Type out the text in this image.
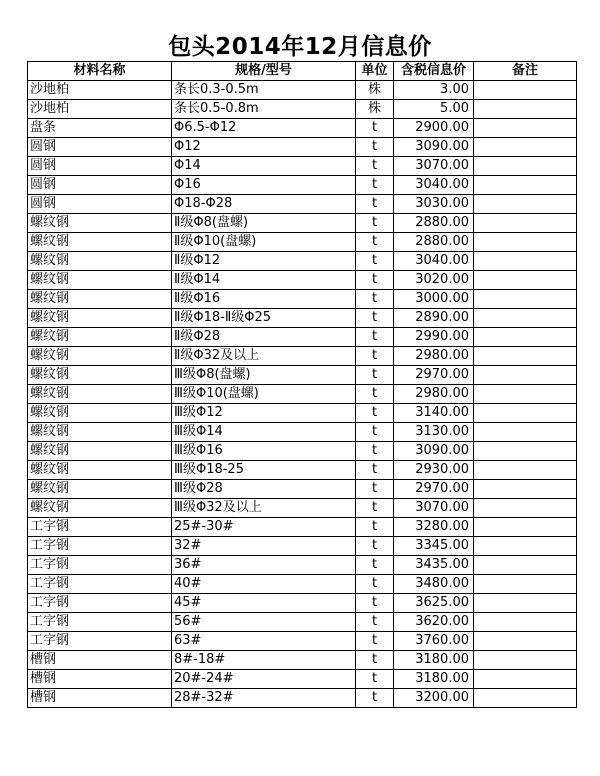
包头2014年12月信息价
材料名称	规格/型号	单位	含税信息价	备注
沙地柏	条长0.3-0.5m	株	3.00	
沙地柏	条长0.5-0.8m	株	5.00	
盘条	Φ6.5-Φ12	t	2900.00	
圆钢	Φ12	t	3090.00	
圆钢	Φ14	t	3070.00	
圆钢	Φ16	t	3040.00	
圆钢	Φ18-Φ28	t	3030.00	
螺纹钢	Ⅱ级Φ8(盘螺)	t	2880.00	
螺纹钢	Ⅱ级Φ10(盘螺)	t	2880.00	
螺纹钢	Ⅱ级Φ12	t	3040.00	
螺纹钢	Ⅱ级Φ14	t	3020.00	
螺纹钢	Ⅱ级Φ16	t	3000.00	
螺纹钢	Ⅱ级Φ18-Ⅱ级Φ25	t	2890.00	
螺纹钢	Ⅱ级Φ28	t	2990.00	
螺纹钢	Ⅱ级Φ32及以上	t	2980.00	
螺纹钢	Ⅲ级Φ8(盘螺)	t	2970.00	
螺纹钢	Ⅲ级Φ10(盘螺)	t	2980.00	
螺纹钢	Ⅲ级Φ12	t	3140.00	
螺纹钢	Ⅲ级Φ14	t	3130.00	
螺纹钢	Ⅲ级Φ16	t	3090.00	
螺纹钢	Ⅲ级Φ18-25	t	2930.00	
螺纹钢	Ⅲ级Φ28	t	2970.00	
螺纹钢	Ⅲ级Φ32及以上	t	3070.00	
工字钢	25#-30#	t	3280.00	
工字钢	32#	t	3345.00	
工字钢	36#	t	3435.00	
工字钢	40#	t	3480.00	
工字钢	45#	t	3625.00	
工字钢	56#	t	3620.00	
工字钢	63#	t	3760.00	
槽钢	8#-18#	t	3180.00	
槽钢	20#-24#	t	3180.00	
槽钢	28#-32#	t	3200.00	
